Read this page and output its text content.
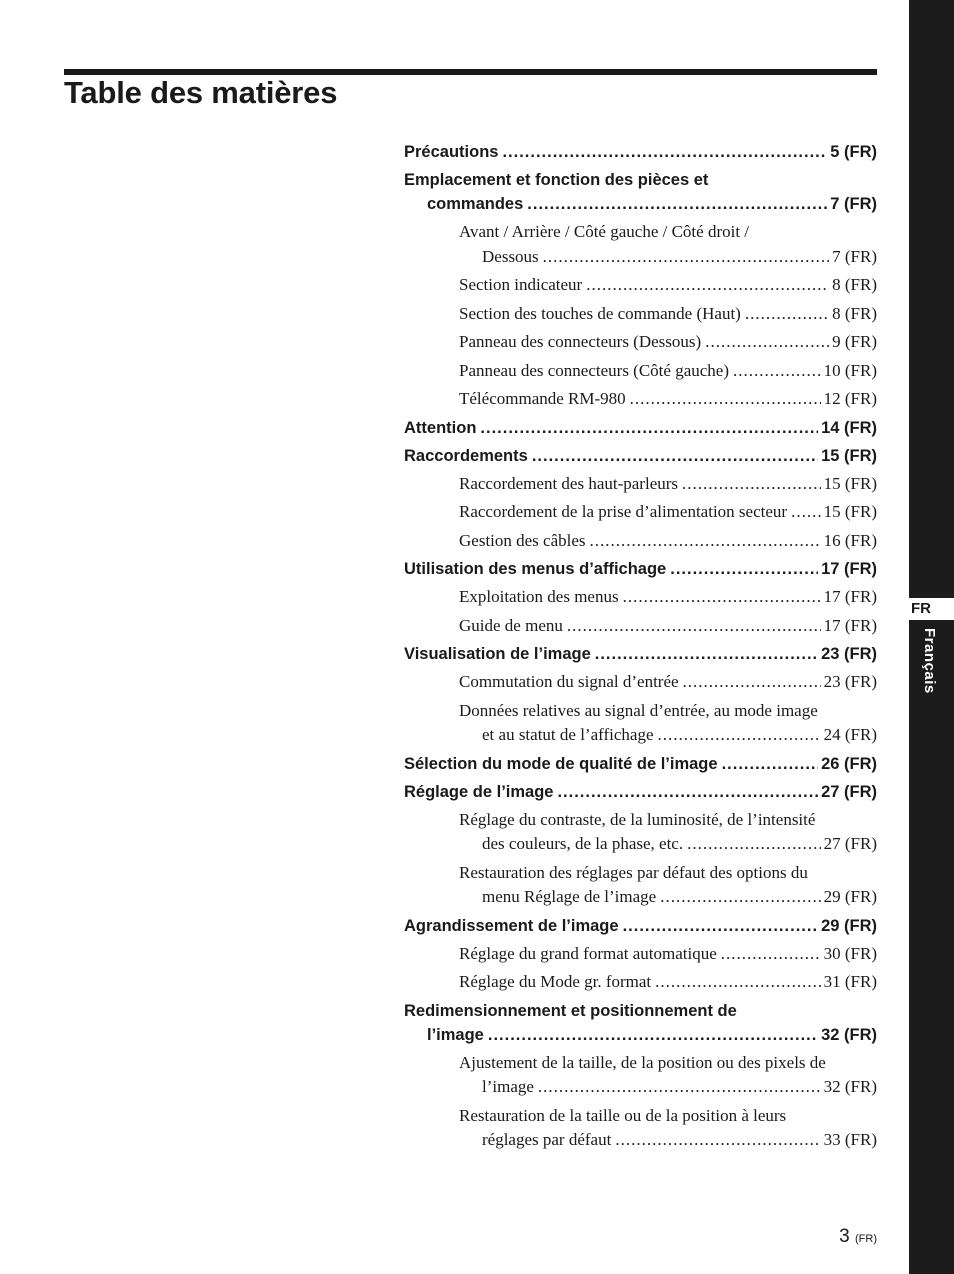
Table des matières
Précautions .....	5 (FR)
Emplacement et fonction des pièces et
commandes .....	7 (FR)
Avant / Arrière / Côté gauche / Côté droit /
Dessous .....	7 (FR)
Section indicateur .....	8 (FR)
Section des touches de commande (Haut) .....	8 (FR)
Panneau des connecteurs (Dessous) .....	9 (FR)
Panneau des connecteurs (Côté gauche) .....	10 (FR)
Télécommande RM-980 .....	12 (FR)
Attention .....	14 (FR)
Raccordements .....	15 (FR)
Raccordement des haut-parleurs .....	15 (FR)
Raccordement de la prise d’alimentation secteur ..... 15 (FR)
Gestion des câbles .....	16 (FR)
Utilisation des menus d’affichage .....	17 (FR)
Exploitation des menus .....	17 (FR)
Guide de menu .....	17 (FR)
Visualisation de l’image .....	23 (FR)
Commutation du signal d’entrée .....	23 (FR)
Données relatives au signal d’entrée, au mode image
et au statut de l’affichage .....	24 (FR)
Sélection du mode de qualité de l’image .....	26 (FR)
Réglage de l’image .....	27 (FR)
Réglage du contraste, de la luminosité, de l’intensité
des couleurs, de la phase, etc. .....	27 (FR)
Restauration des réglages par défaut des options du
menu Réglage de l’image .....	29 (FR)
Agrandissement de l’image .....	29 (FR)
Réglage du grand format automatique .....	30 (FR)
Réglage du Mode gr. format .....	31 (FR)
Redimensionnement et positionnement de
l’image .....	32 (FR)
Ajustement de la taille, de la position ou des pixels de
l’image .....	32 (FR)
Restauration de la taille ou de la position à leurs
réglages par défaut .....	33 (FR)
FR
Français
3 (FR)
